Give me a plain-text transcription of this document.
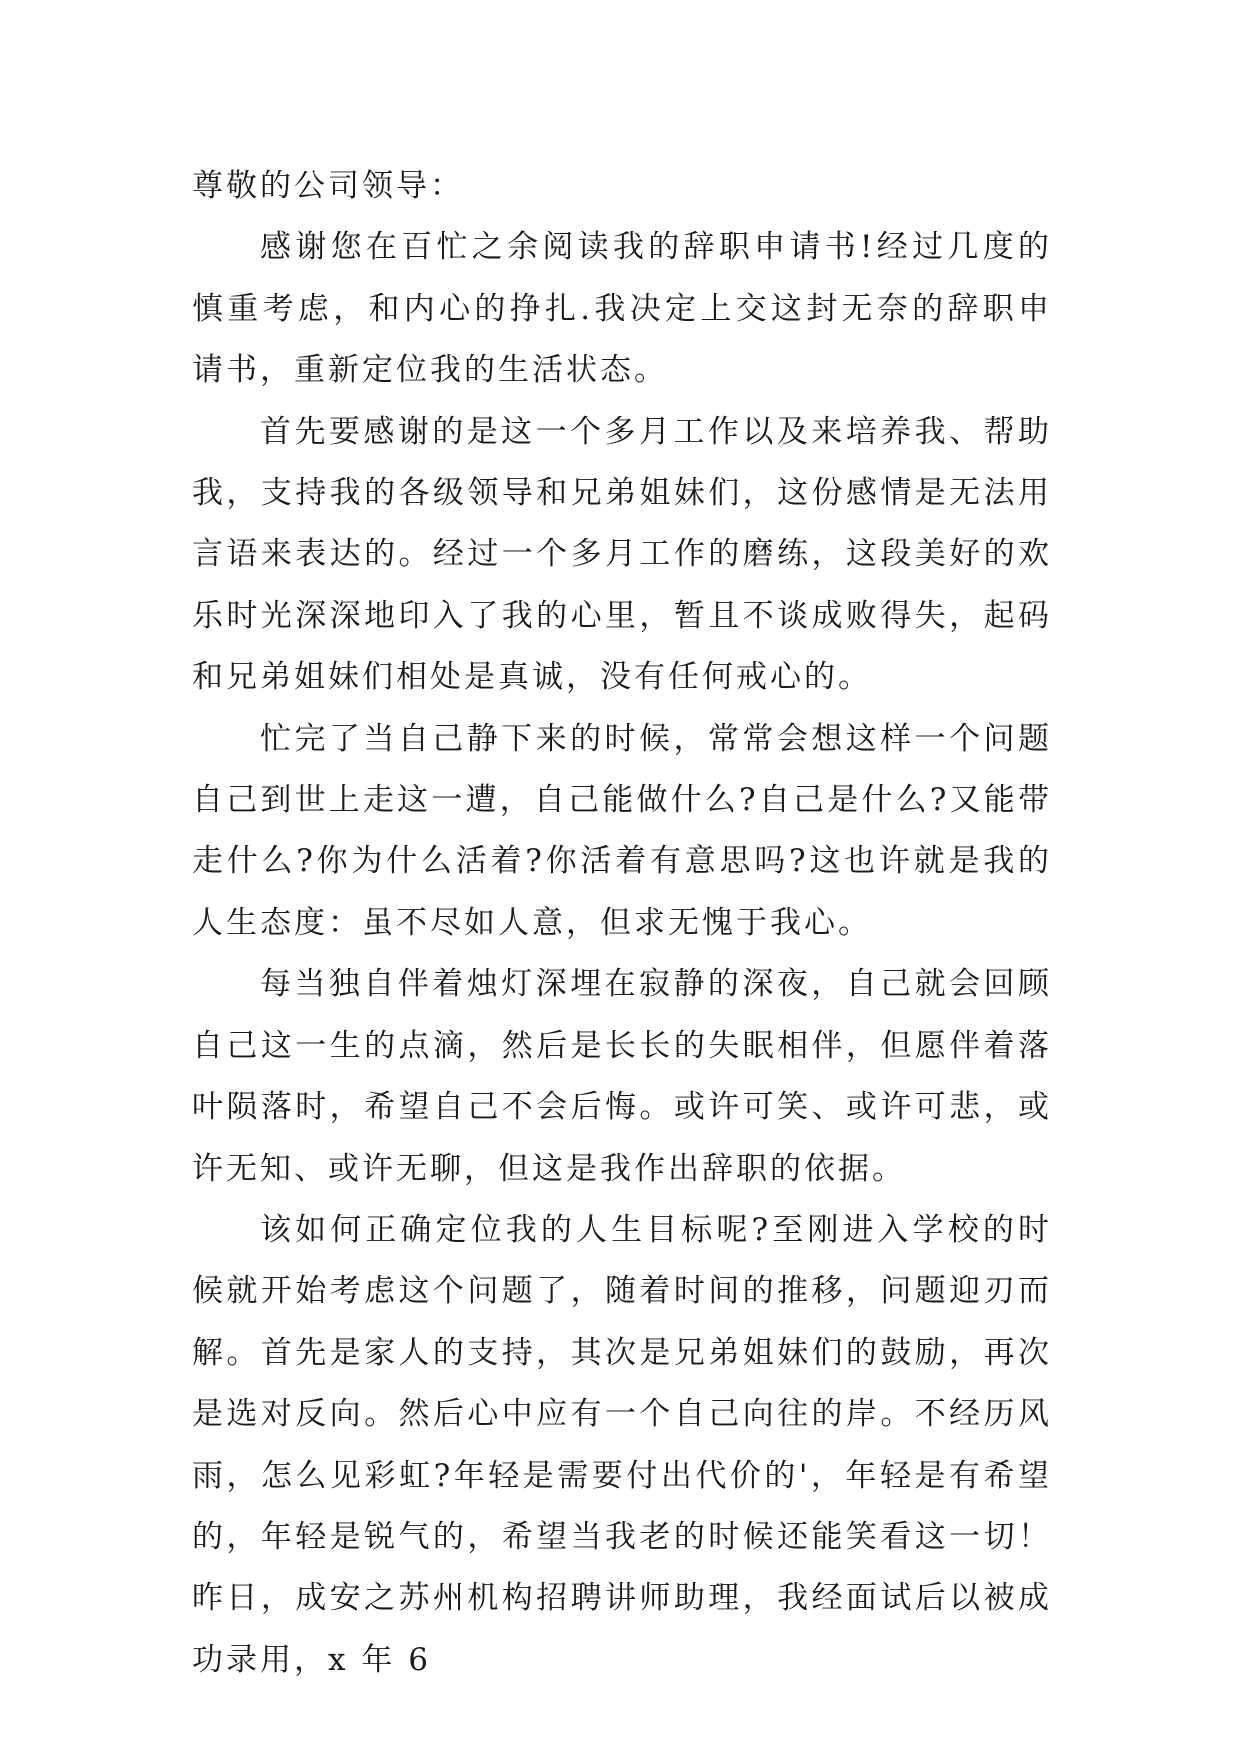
尊敬的公司领导：

感谢您在百忙之余阅读我的辞职申请书!经过几度的慎重考虑，和内心的挣扎.我决定上交这封无奈的辞职申请书，重新定位我的生活状态。

首先要感谢的是这一个多月工作以及来培养我、帮助我，支持我的各级领导和兄弟姐妹们，这份感情是无法用言语来表达的。经过一个多月工作的磨练，这段美好的欢乐时光深深地印入了我的心里，暂且不谈成败得失，起码和兄弟姐妹们相处是真诚，没有任何戒心的。

忙完了当自己静下来的时候，常常会想这样一个问题自己到世上走这一遭，自己能做什么?自己是什么?又能带走什么?你为什么活着?你活着有意思吗?这也许就是我的人生态度：虽不尽如人意，但求无愧于我心。

每当独自伴着烛灯深埋在寂静的深夜，自己就会回顾自己这一生的点滴，然后是长长的失眠相伴，但愿伴着落叶陨落时，希望自己不会后悔。或许可笑、或许可悲，或许无知、或许无聊，但这是我作出辞职的依据。

该如何正确定位我的人生目标呢?至刚进入学校的时候就开始考虑这个问题了，随着时间的推移，问题迎刃而解。首先是家人的支持，其次是兄弟姐妹们的鼓励，再次是选对反向。然后心中应有一个自己向往的岸。不经历风雨，怎么见彩虹?年轻是需要付出代价的'，年轻是有希望的，年轻是锐气的，希望当我老的时候还能笑看这一切！昨日，成安之苏州机构招聘讲师助理，我经面试后以被成功录用，x 年 6
